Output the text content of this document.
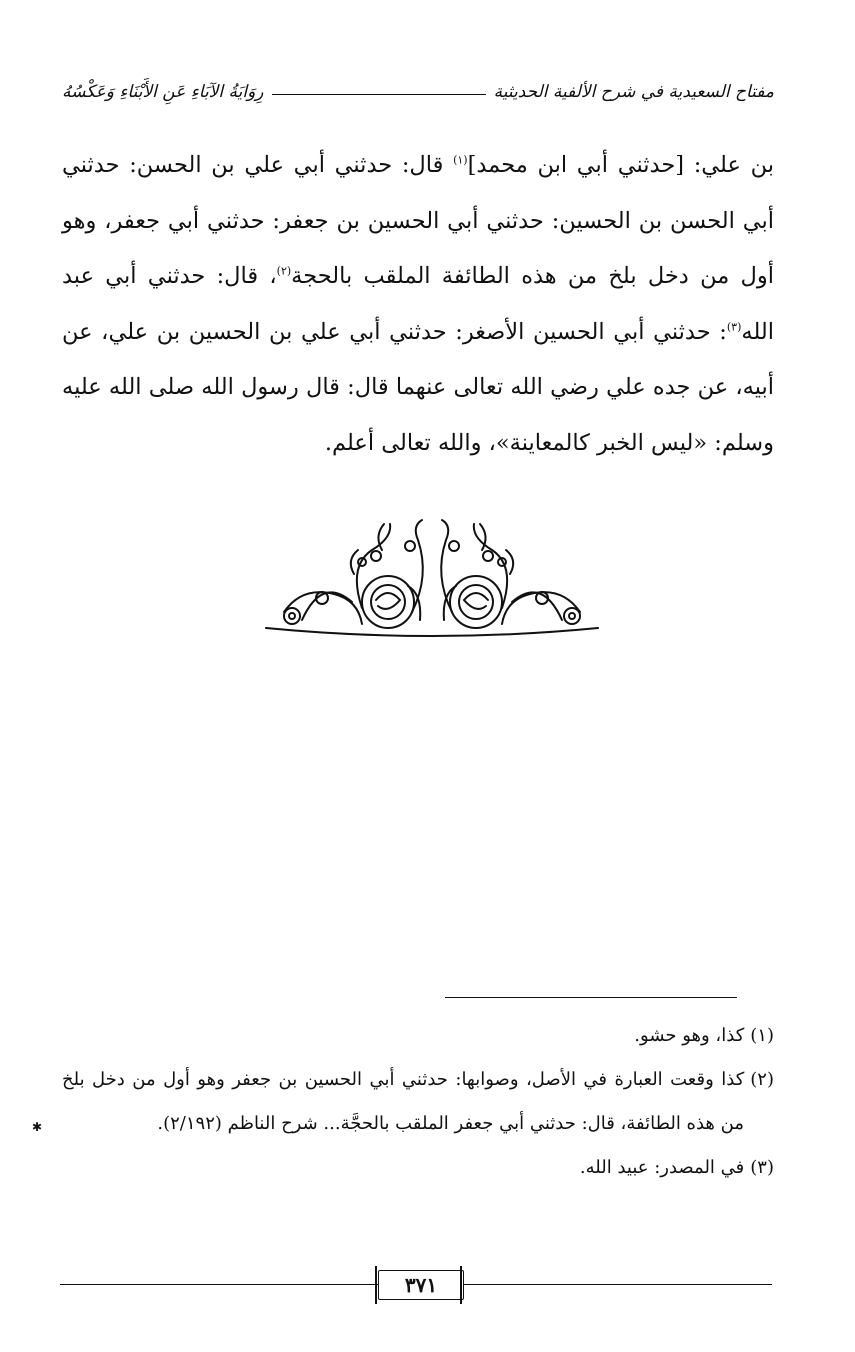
مفتاح السعيدية في شرح الألفية الحديثية
رِوَايَةُ الآبَاءِ عَنِ الأَبْنَاءِ وَعَكْسُهُ

بن علي: [حدثني أبي ابن محمد]$^{(١)}$ قال: حدثني أبي علي بن الحسن: حدثني أبي الحسن بن الحسين: حدثني أبي الحسين بن جعفر: حدثني أبي جعفر، وهو أول من دخل بلخ من هذه الطائفة الملقب بالحجة$^{(٢)}$، قال: حدثني أبي عبد الله$^{(٣)}$: حدثني أبي الحسين الأصغر: حدثني أبي علي بن الحسين بن علي، عن أبيه، عن جده علي رضي الله تعالى عنهما قال: قال رسول الله صلى الله عليه وسلم: «ليس الخبر كالمعاينة»، والله تعالى أعلم.

(١)كذا، وهو حشو.

(٢)كذا وقعت العبارة في الأصل، وصوابها: حدثني أبي الحسين بن جعفر وهو أول من دخل بلخ من هذه الطائفة، قال: حدثني أبي جعفر الملقب بالحجَّة... شرح الناظم (٢/١٩٢).

(٣)في المصدر: عبيد الله.

✱
٣٧١
